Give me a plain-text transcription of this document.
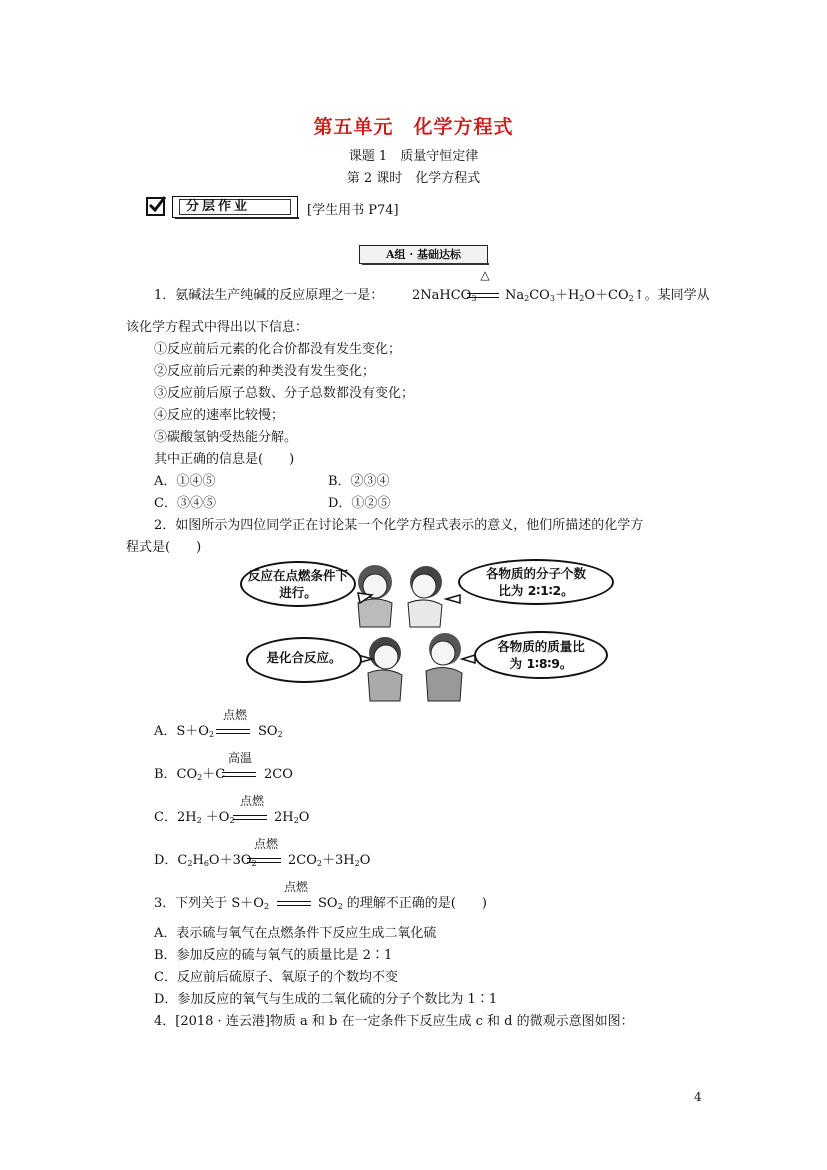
第五单元　化学方程式
课题 1　质量守恒定律
第 2 课时　化学方程式
分层作业	[学生用书 P74]
A组 · 基础达标
1．氨碱法生产纯碱的反应原理之一是： 2NaHCO$_3$
△
$Na_2CO_3+H_2O+CO_2↑$。某同学从
该化学方程式中得出以下信息：
①反应前后元素的化合价都没有发生变化；
②反应前后元素的种类没有发生变化；
③反应前后原子总数、分子总数都没有变化；
④反应的速率比较慢；
⑤碳酸氢钠受热能分解。
其中正确的信息是(　　)
A．①④⑤	B．②③④
C．③④⑤	D．①②⑤
2．如图所示为四位同学正在讨论某一个化学方程式表示的意义，他们所描述的化学方
程式是(　　)
反应在点燃条件下进行。
各物质的分子个数比为 2∶1∶2。
是化合反应。
各物质的质量比为 1∶8∶9。
A．$S+O_2$
点燃
$SO_2$
B．$CO_2+C$
高温
2CO
C．$2H_2 +O_2$
点燃
$2H_2O$
D．$C_2H_6O+3O_2$
点燃
$2CO_2+3H_2O$
3．下列关于 $S+O_2$
点燃
$SO_2$ 的理解不正确的是(　　)
A．表示硫与氧气在点燃条件下反应生成二氧化硫
B．参加反应的硫与氧气的质量比是 2∶1
C．反应前后硫原子、氧原子的个数均不变
D．参加反应的氧气与生成的二氧化硫的分子个数比为 1∶1
4．[2018 · 连云港]物质 a 和 b 在一定条件下反应生成 c 和 d 的微观示意图如图：
4
